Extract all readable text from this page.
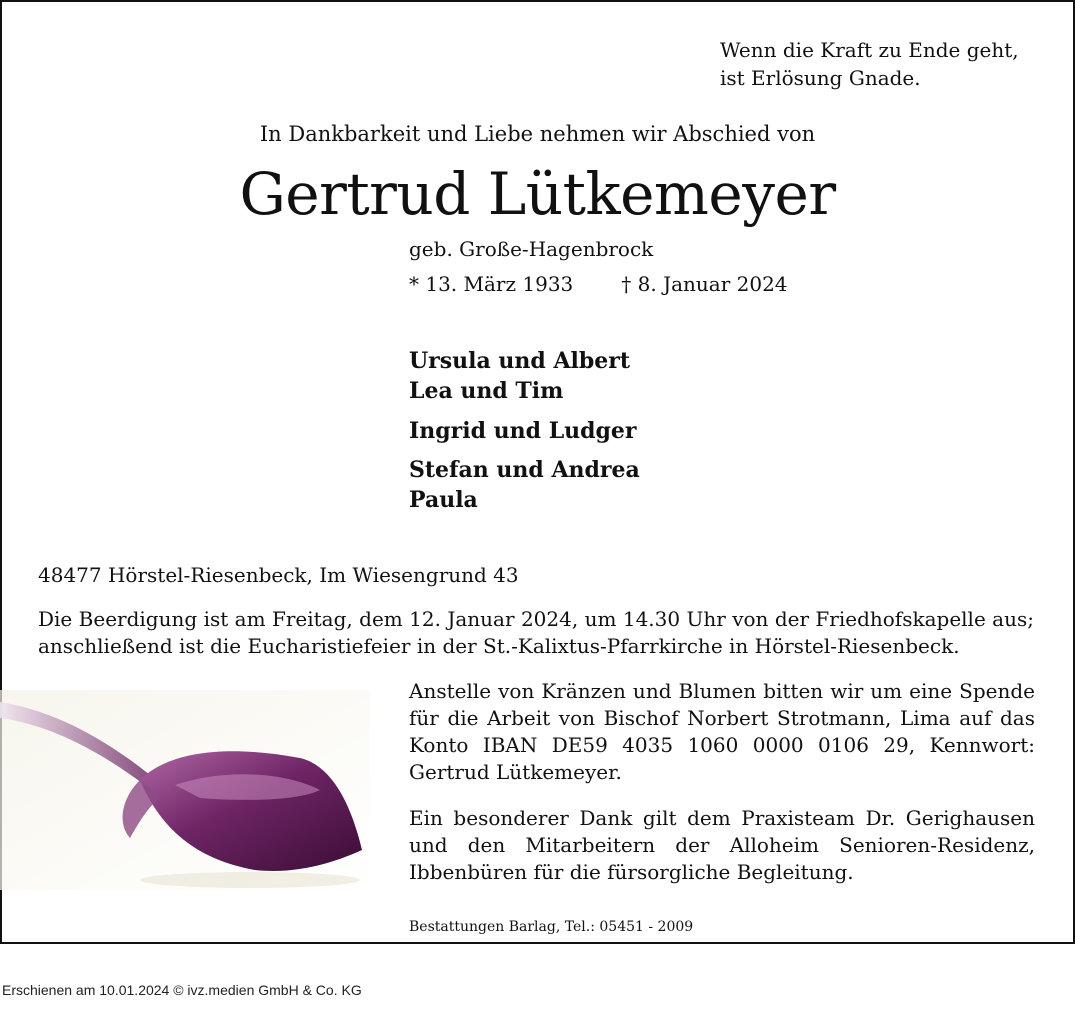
Wenn die Kraft zu Ende geht,
ist Erlösung Gnade.
In Dankbarkeit und Liebe nehmen wir Abschied von
Gertrud Lütkemeyer
geb. Große-Hagenbrock
* 13. März 1933 † 8. Januar 2024
Ursula und Albert
Lea und Tim
Ingrid und Ludger
Stefan und Andrea
Paula
48477 Hörstel-Riesenbeck, Im Wiesengrund 43
Die Beerdigung ist am Freitag, dem 12. Januar 2024, um 14.30 Uhr von der Friedhofskapelle aus; anschließend ist die Eucharistiefeier in der St.-Kalixtus-Pfarrkirche in Hörstel-Riesenbeck.
Anstelle von Kränzen und Blumen bitten wir um eine Spende für die Arbeit von Bischof Norbert Strotmann, Lima auf das Konto IBAN DE59 4035 1060 0000 0106 29, Kennwort: Gertrud Lütkemeyer.
Ein besonderer Dank gilt dem Praxisteam Dr. Gerighausen und den Mitarbeitern der Alloheim Senioren-Residenz, Ibbenbüren für die fürsorgliche Begleitung.
Bestattungen Barlag, Tel.: 05451 - 2009
Erschienen am 10.01.2024 © ivz.medien GmbH & Co. KG
